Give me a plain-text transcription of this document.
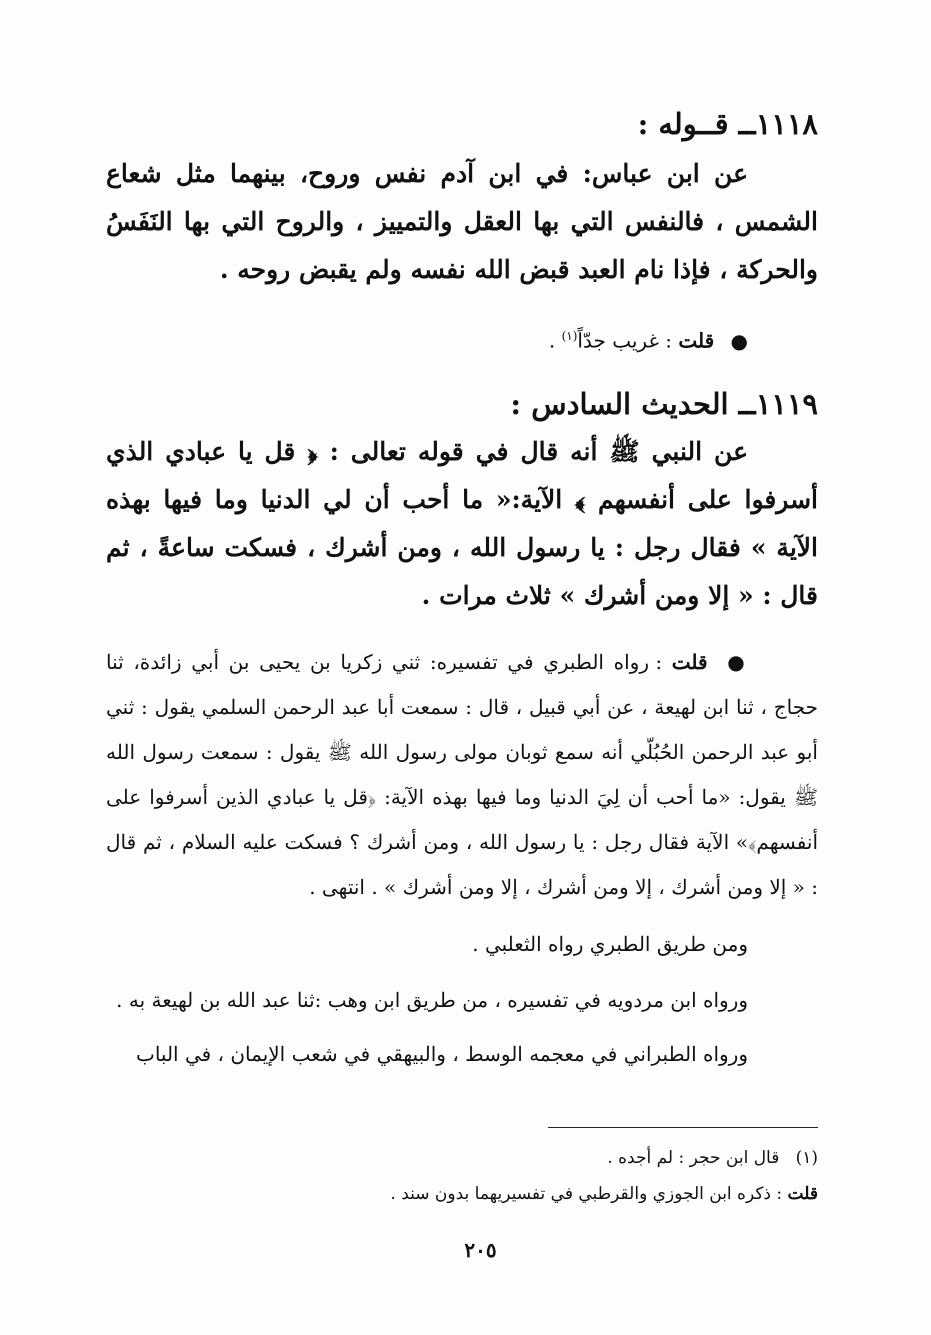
١١١٨ــ قــوله :
عن ابن عباس: في ابن آدم نفس وروح، بينهما مثل شعاع الشمس ، فالنفس التي بها العقل والتمييز ، والروح التي بها النَفَسُ والحركة ، فإذا نام العبد قبض الله نفسه ولم يقبض روحه .
● قلت : غريب جدّاً$^{(١)}$ .
١١١٩ــ الحديث السادس :
عن النبي ﷺ أنه قال في قوله تعالى : ﴿ قل يا عبادي الذي أسرفوا على أنفسهم ﴾ الآية:« ما أحب أن لي الدنيا وما فيها بهذه الآية » فقال رجل : يا رسول الله ، ومن أشرك ، فسكت ساعةً ، ثم قال : « إلا ومن أشرك » ثلاث مرات .
● قلت : رواه الطبري في تفسيره: ثني زكريا بن يحيى بن أبي زائدة، ثنا حجاج ، ثنا ابن لهيعة ، عن أبي قبيل ، قال : سمعت أبا عبد الرحمن السلمي يقول : ثني أبو عبد الرحمن الحُبُلّي أنه سمع ثوبان مولى رسول الله ﷺ يقول : سمعت رسول الله ﷺ يقول: «ما أحب أن لِيَ الدنيا وما فيها بهذه الآية: ﴿قل يا عبادي الذين أسرفوا على أنفسهم﴾» الآية فقال رجل : يا رسول الله ، ومن أشرك ؟ فسكت عليه السلام ، ثم قال : « إلا ومن أشرك ، إلا ومن أشرك ، إلا ومن أشرك » . انتهى .
ومن طريق الطبري رواه الثعلبي .
ورواه ابن مردويه في تفسيره ، من طريق ابن وهب :ثنا عبد الله بن لهيعة به .
ورواه الطبراني في معجمه الوسط ، والبيهقي في شعب الإيمان ، في الباب
(١)   قال ابن حجر : لم أجده .
قلت : ذكره ابن الجوزي والقرطبي في تفسيريهما بدون سند .
٢٠٥
